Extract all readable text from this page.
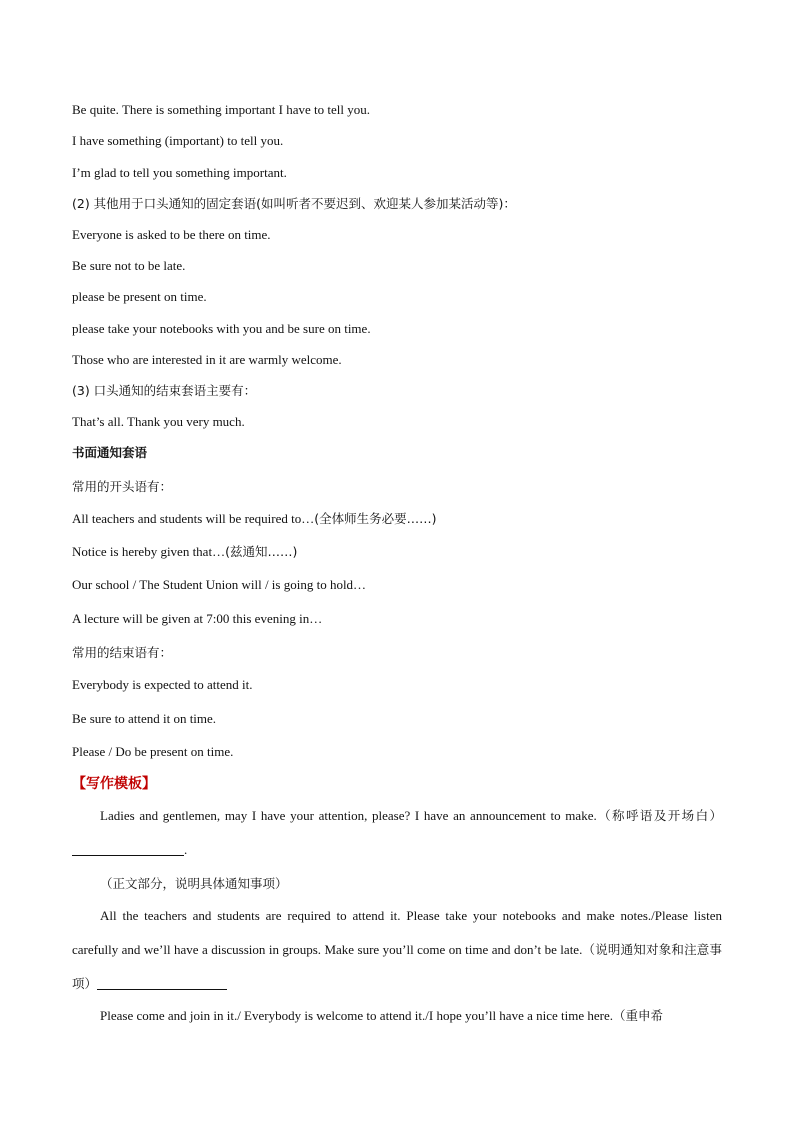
Be quite. There is something important I have to tell you.
I have something (important) to tell you.
I’m glad to tell you something important.
(2) 其他用于口头通知的固定套语(如叫听者不要迟到、欢迎某人参加某活动等)：
Everyone is asked to be there on time.
Be sure not to be late.
please be present on time.
please take your notebooks with you and be sure on time.
Those who are interested in it are warmly welcome.
(3) 口头通知的结束套语主要有：
That’s all. Thank you very much.
书面通知套语
常用的开头语有：
All teachers and students will be required to…(全体师生务必要……)
Notice is hereby given that…(兹通知……)
Our school / The Student Union will / is going to hold…
A lecture will be given at 7:00 this evening in…
常用的结束语有：
Everybody is expected to attend it.
Be sure to attend it on time.
Please / Do be present on time.
【写作模板】
Ladies and gentlemen, may I have your attention, please? I have an announcement to make.（称呼语及开场白）.
（正文部分，说明具体通知事项）
All the teachers and students are required to attend it. Please take your notebooks and make notes./Please listen carefully and we’ll have a discussion in groups. Make sure you’ll come on time and don’t be late.（说明通知对象和注意事项）
Please come and join in it./ Everybody is welcome to attend it./I hope you’ll have a nice time here.（重申希
